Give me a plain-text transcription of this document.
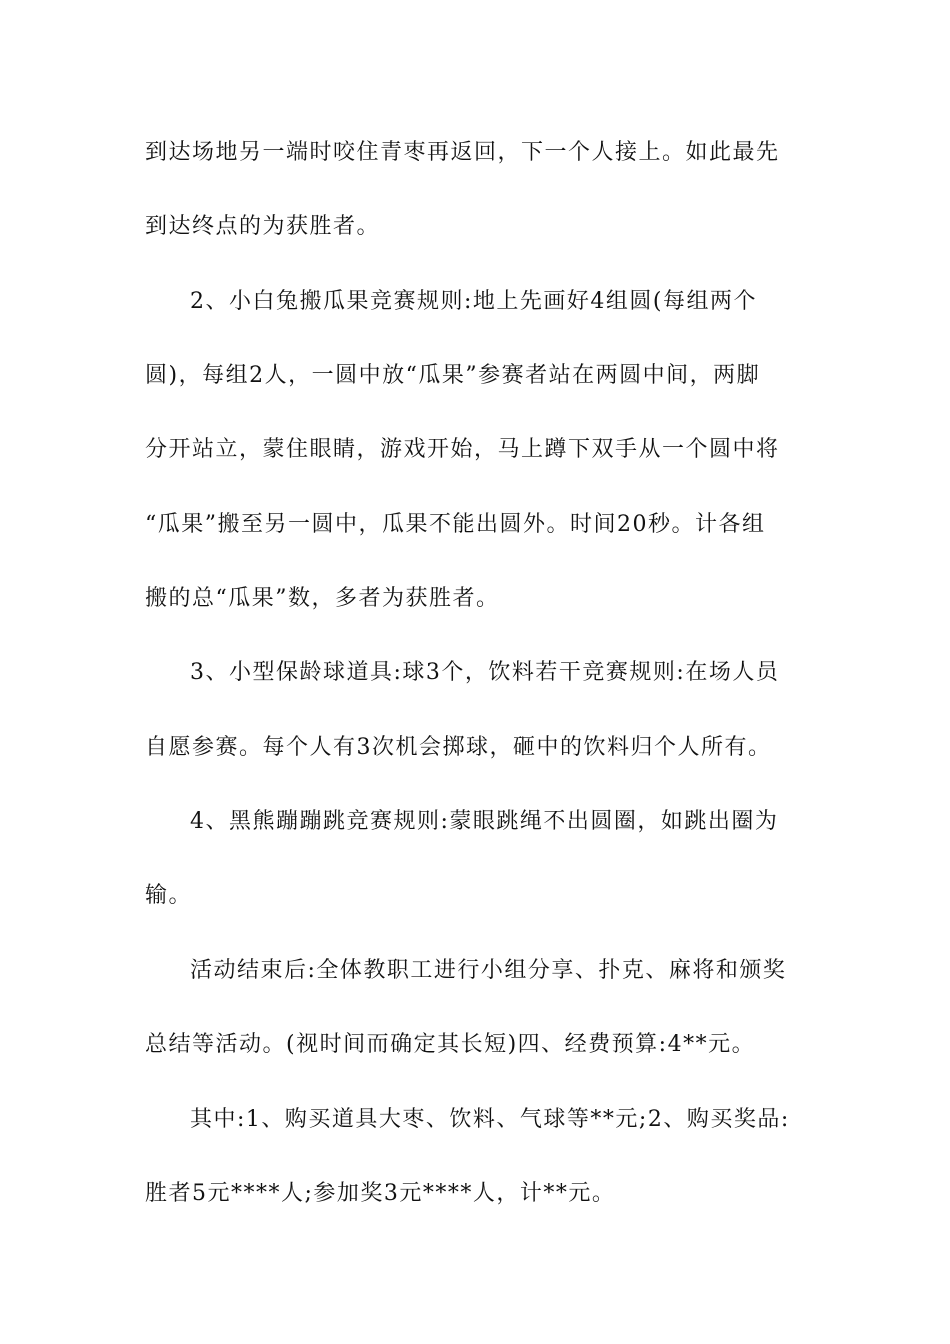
到达场地另一端时咬住青枣再返回，下一个人接上。如此最先
到达终点的为获胜者。
2、小白兔搬瓜果竞赛规则:地上先画好4组圆(每组两个
圆)，每组2人，一圆中放“瓜果”参赛者站在两圆中间，两脚
分开站立，蒙住眼睛，游戏开始，马上蹲下双手从一个圆中将
“瓜果”搬至另一圆中，瓜果不能出圆外。时间20秒。计各组
搬的总“瓜果”数，多者为获胜者。
3、小型保龄球道具:球3个，饮料若干竞赛规则:在场人员
自愿参赛。每个人有3次机会掷球，砸中的饮料归个人所有。
4、黑熊蹦蹦跳竞赛规则:蒙眼跳绳不出圆圈，如跳出圈为
输。
活动结束后:全体教职工进行小组分享、扑克、麻将和颁奖
总结等活动。(视时间而确定其长短)四、经费预算:4**元。
其中:1、购买道具大枣、饮料、气球等**元;2、购买奖品:
胜者5元****人;参加奖3元****人，计**元。
